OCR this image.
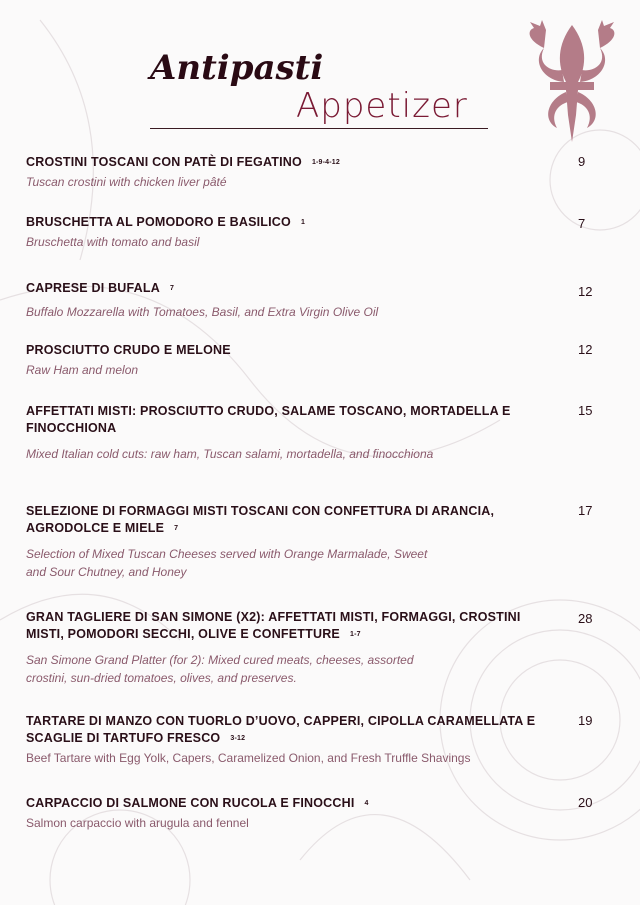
Antipasti
Appetizer
CROSTINI TOSCANI CON PATÈ DI FEGATINO 1-9-4-12
Tuscan crostini with chicken liver pâté
9
BRUSCHETTA AL POMODORO E BASILICO 1
Bruschetta with tomato and basil
7
CAPRESE DI BUFALA 7
Buffalo Mozzarella with Tomatoes, Basil, and Extra Virgin Olive Oil
12
PROSCIUTTO CRUDO E MELONE
Raw Ham and melon
12
AFFETTATI MISTI: PROSCIUTTO CRUDO, SALAME TOSCANO, MORTADELLA E FINOCCHIONA
Mixed Italian cold cuts: raw ham, Tuscan salami, mortadella, and finocchiona
15
SELEZIONE DI FORMAGGI MISTI TOSCANI CON CONFETTURA DI ARANCIA, AGRODOLCE E MIELE 7
Selection of Mixed Tuscan Cheeses served with Orange Marmalade, Sweet and Sour Chutney, and Honey
17
GRAN TAGLIERE DI SAN SIMONE (X2): AFFETTATI MISTI, FORMAGGI, CROSTINI MISTI, POMODORI SECCHI, OLIVE E CONFETTURE 1-7
San Simone Grand Platter (for 2): Mixed cured meats, cheeses, assorted crostini, sun-dried tomatoes, olives, and preserves.
28
TARTARE DI MANZO CON TUORLO D’UOVO, CAPPERI, CIPOLLA CARAMELLATA E SCAGLIE DI TARTUFO FRESCO 3-12
Beef Tartare with Egg Yolk, Capers, Caramelized Onion, and Fresh Truffle Shavings
19
CARPACCIO DI SALMONE CON RUCOLA E FINOCCHI 4
Salmon carpaccio with arugula and fennel
20
